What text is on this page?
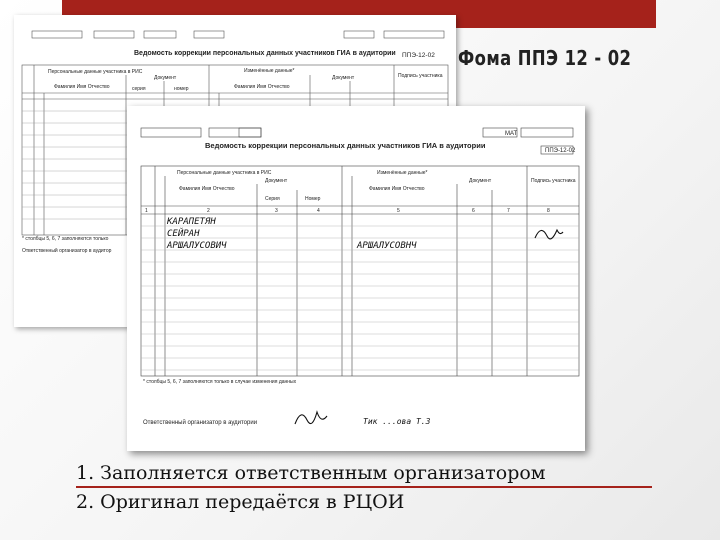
Фома ППЭ 12 - 02
Ведомость коррекции персональных данных участников ГИА в аудитории ППЭ-12-02
Персональные данные участника в РИС	Изменённые данные*
Фамилия Имя Отчество	Фамилия Имя Отчество
Документ	Документ
серия	номер
Подпись участника
* столбцы 5, 6, 7 заполняются только
Ответственный организатор в аудитор
Ведомость коррекции персональных данных участников ГИА в аудитории
ППЭ-12-02
МАТ
Персональные данные участника в РИС	Изменённые данные*
Фамилия Имя Отчество	Фамилия Имя Отчество
Документ	Документ
Серия	Номер
Подпись участника
1	2	3	4	5	6	7	8
КАРАПЕТЯН
СЕЙРАН
АРШАЛУСОВИЧ	АРШАЛУСОВНЧ
* столбцы 5, 6, 7 заполняются только в случае изменения данных
Ответственный организатор в аудитории	Тик ...ова Т.З
1. Заполняется ответственным организатором
2. Оригинал передаётся в РЦОИ
